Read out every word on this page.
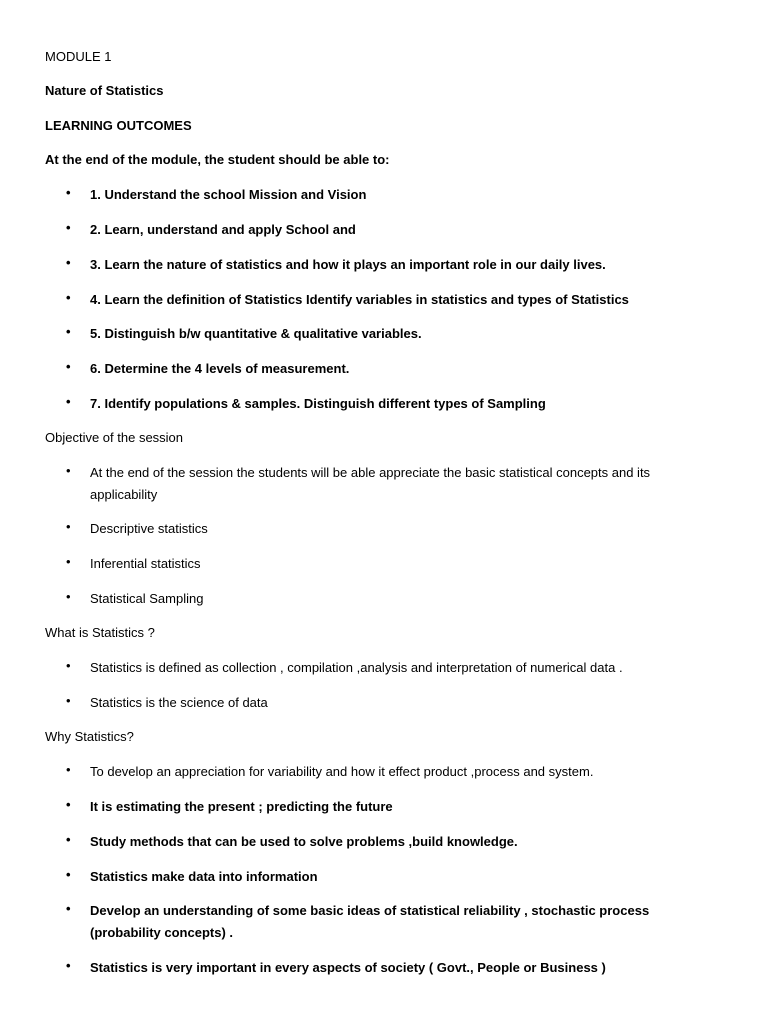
MODULE 1
Nature of Statistics
LEARNING OUTCOMES
At the end of the module, the student should be able to:
•	1. Understand the school Mission and Vision
•	2. Learn, understand and apply School and
•	3. Learn the nature of statistics and how it plays an important role in our daily lives.
•	4. Learn the definition of Statistics Identify variables in statistics and types of Statistics
•	5. Distinguish b/w quantitative & qualitative variables.
•	6. Determine the 4 levels of measurement.
•	7. Identify populations & samples. Distinguish different types of Sampling
Objective of the session
•	At the end of the session the students will be able appreciate the basic statistical concepts and its applicability
•	Descriptive statistics
•	Inferential statistics
•	Statistical Sampling
What is Statistics ?
•	Statistics is defined as collection , compilation ,analysis and interpretation of numerical data .
•	Statistics is the science of data
Why Statistics?
•	To develop an appreciation for variability and how it effect product ,process and system.
•	It is estimating the present ; predicting the future
•	Study methods that can be used to solve problems ,build knowledge.
•	Statistics make data into information
•	Develop an understanding of some basic ideas of statistical reliability , stochastic process (probability concepts) .
•	Statistics is very important in every aspects of society ( Govt., People or Business )
